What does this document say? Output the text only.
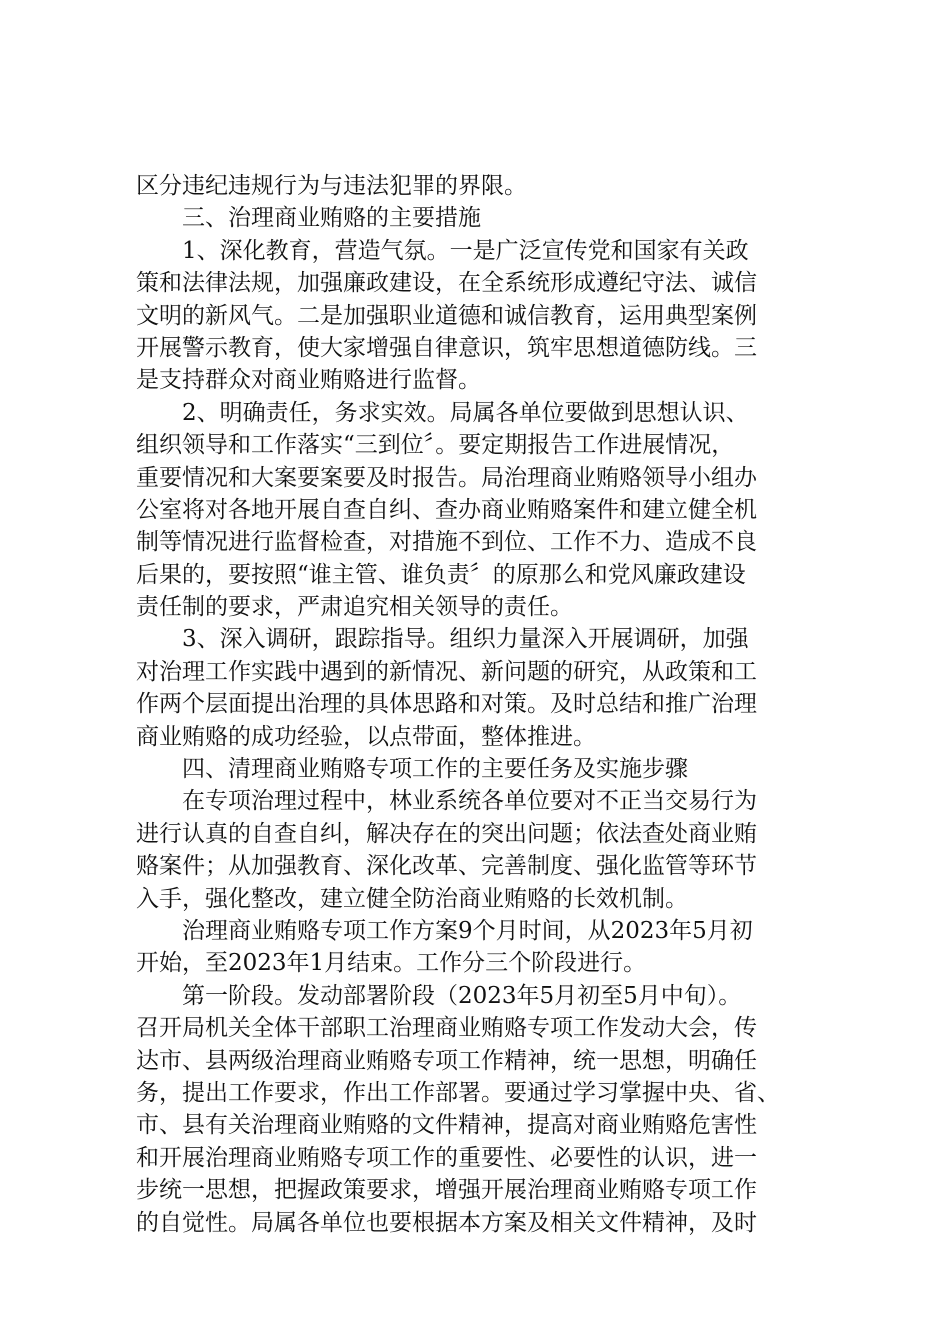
区分违纪违规行为与违法犯罪的界限。
三、治理商业贿赂的主要措施
1、深化教育，营造气氛。一是广泛宣传党和国家有关政
策和法律法规，加强廉政建设，在全系统形成遵纪守法、诚信
文明的新风气。二是加强职业道德和诚信教育，运用典型案例
开展警示教育，使大家增强自律意识，筑牢思想道德防线。三
是支持群众对商业贿赂进行监督。
2、明确责任，务求实效。局属各单位要做到思想认识、
组织领导和工作落实“三到位〞。要定期报告工作进展情况，
重要情况和大案要案要及时报告。局治理商业贿赂领导小组办
公室将对各地开展自查自纠、查办商业贿赂案件和建立健全机
制等情况进行监督检查，对措施不到位、工作不力、造成不良
后果的，要按照“谁主管、谁负责〞的原那么和党风廉政建设
责任制的要求，严肃追究相关领导的责任。
3、深入调研，跟踪指导。组织力量深入开展调研，加强
对治理工作实践中遇到的新情况、新问题的研究，从政策和工
作两个层面提出治理的具体思路和对策。及时总结和推广治理
商业贿赂的成功经验，以点带面，整体推进。
四、清理商业贿赂专项工作的主要任务及实施步骤
在专项治理过程中，林业系统各单位要对不正当交易行为
进行认真的自查自纠，解决存在的突出问题；依法查处商业贿
赂案件；从加强教育、深化改革、完善制度、强化监管等环节
入手，强化整改，建立健全防治商业贿赂的长效机制。
治理商业贿赂专项工作方案9个月时间，从2023年5月初
开始，至2023年1月结束。工作分三个阶段进行。
第一阶段。发动部署阶段（2023年5月初至5月中旬）。
召开局机关全体干部职工治理商业贿赂专项工作发动大会，传
达市、县两级治理商业贿赂专项工作精神，统一思想，明确任
务，提出工作要求，作出工作部署。要通过学习掌握中央、省、
市、县有关治理商业贿赂的文件精神，提高对商业贿赂危害性
和开展治理商业贿赂专项工作的重要性、必要性的认识，进一
步统一思想，把握政策要求，增强开展治理商业贿赂专项工作
的自觉性。局属各单位也要根据本方案及相关文件精神，及时
